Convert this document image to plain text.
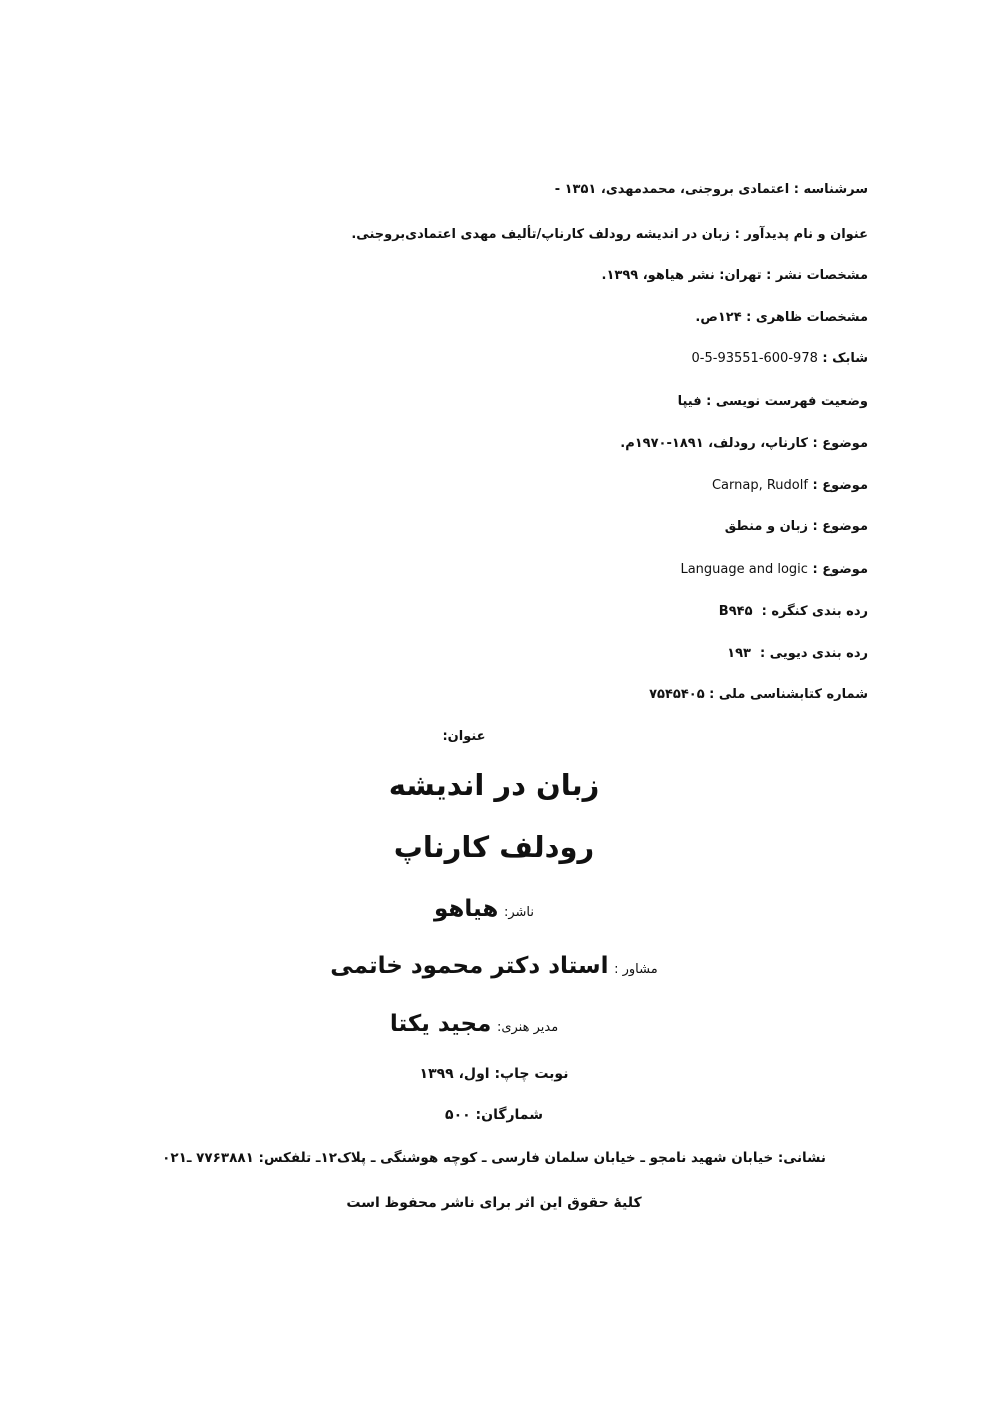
سرشناسه : اعتمادی بروجنی، محمدمهدی، ۱۳۵۱ -
عنوان و نام پدیدآور : زبان در اندیشه رودلف کارناپ/تألیف مهدی اعتمادی‌بروجنی.
مشخصات نشر : تهران: نشر هیاهو، ۱۳۹۹.
مشخصات ظاهری : ۱۲۴ص.
شابک : 978-600-93551-5-0
وضعیت فهرست نویسی : فیپا
موضوع : کارناپ، رودلف، ۱۸۹۱-۱۹۷۰م.
موضوع : Carnap, Rudolf
موضوع : زبان و منطق
موضوع : Language and logic
رده بندی کنگره :  B۹۴۵
رده بندی دیویی :  ۱۹۳
شماره کتابشناسی ملی : ۷۵۴۵۴۰۵
عنوان:
زبان در اندیشه
رودلف کارناپ
ناشر: هیاهو
مشاور : استاد دکتر محمود خاتمی
مدیر هنری: مجید یکتا
نوبت چاپ: اول، ۱۳۹۹
شمارگان: ۵۰۰
نشانی: خیابان شهید نامجو ـ خیابان سلمان فارسی ـ کوچه هوشنگی ـ پلاک۱۲ـ تلفکس: ۷۷۶۳۸۸۱ ـ۰۲۱
کلیهٔ حقوق این اثر برای ناشر محفوظ است
